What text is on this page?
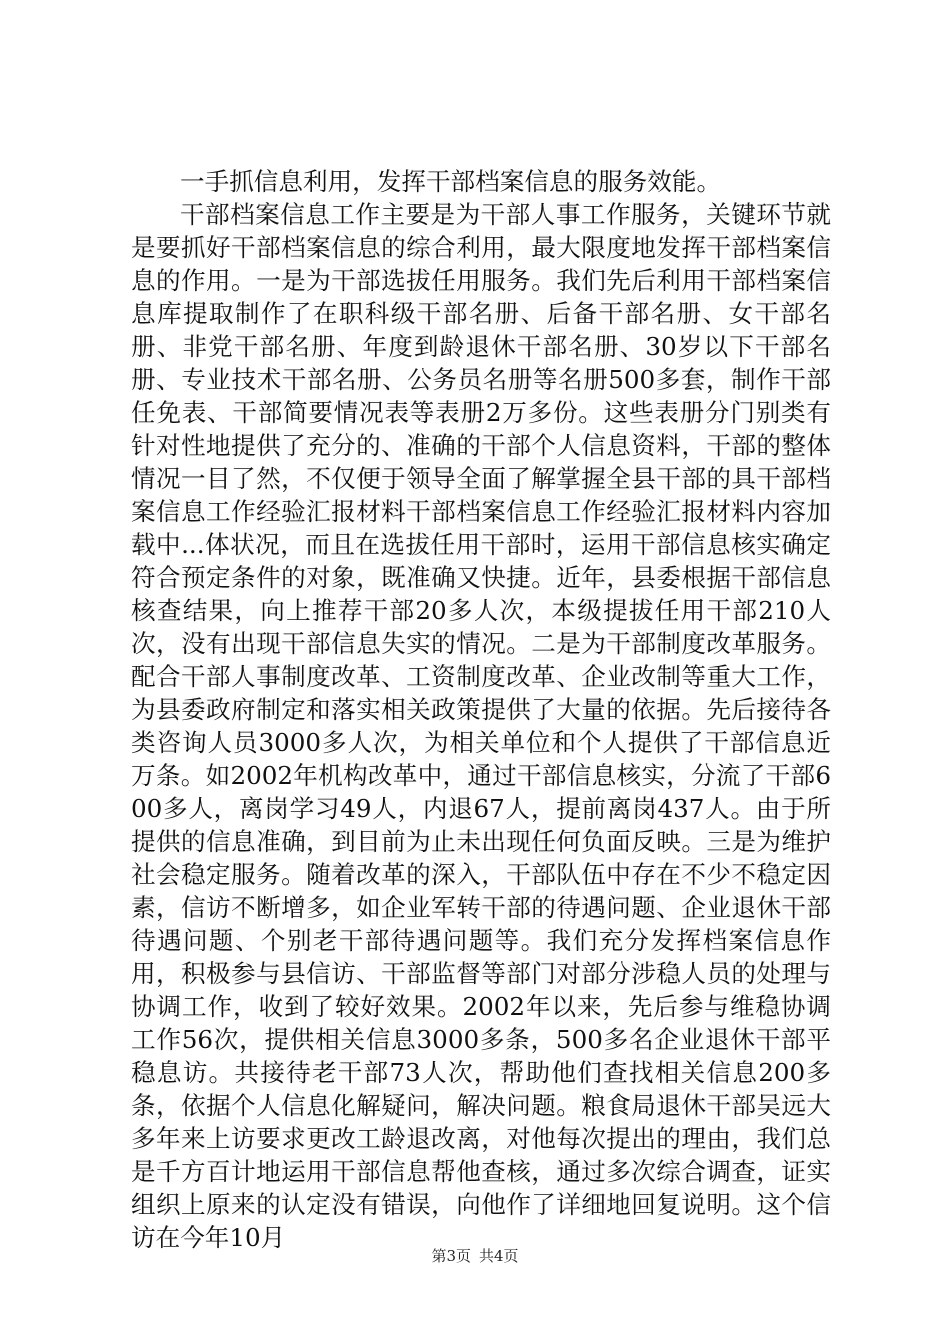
一手抓信息利用，发挥干部档案信息的服务效能。

干部档案信息工作主要是为干部人事工作服务，关键环节就是要抓好干部档案信息的综合利用，最大限度地发挥干部档案信息的作用。一是为干部选拔任用服务。我们先后利用干部档案信息库提取制作了在职科级干部名册、后备干部名册、女干部名册、非党干部名册、年度到龄退休干部名册、30岁以下干部名册、专业技术干部名册、公务员名册等名册500多套，制作干部任免表、干部简要情况表等表册2万多份。这些表册分门别类有针对性地提供了充分的、准确的干部个人信息资料，干部的整体情况一目了然，不仅便于领导全面了解掌握全县干部的具干部档案信息工作经验汇报材料干部档案信息工作经验汇报材料内容加载中...体状况，而且在选拔任用干部时，运用干部信息核实确定符合预定条件的对象，既准确又快捷。近年，县委根据干部信息核查结果，向上推荐干部20多人次，本级提拔任用干部210人次，没有出现干部信息失实的情况。二是为干部制度改革服务。配合干部人事制度改革、工资制度改革、企业改制等重大工作，为县委政府制定和落实相关政策提供了大量的依据。先后接待各类咨询人员3000多人次，为相关单位和个人提供了干部信息近万条。如2002年机构改革中，通过干部信息核实，分流了干部600多人，离岗学习49人，内退67人，提前离岗437人。由于所提供的信息准确，到目前为止未出现任何负面反映。三是为维护社会稳定服务。随着改革的深入，干部队伍中存在不少不稳定因素，信访不断增多，如企业军转干部的待遇问题、企业退休干部待遇问题、个别老干部待遇问题等。我们充分发挥档案信息作用，积极参与县信访、干部监督等部门对部分涉稳人员的处理与协调工作，收到了较好效果。2002年以来，先后参与维稳协调工作56次，提供相关信息3000多条，500多名企业退休干部平稳息访。共接待老干部73人次，帮助他们查找相关信息200多条，依据个人信息化解疑问，解决问题。粮食局退休干部吴远大多年来上访要求更改工龄退改离，对他每次提出的理由，我们总是千方百计地运用干部信息帮他查核，通过多次综合调查，证实组织上原来的认定没有错误，向他作了详细地回复说明。这个信访在今年10月

第3页 共4页
